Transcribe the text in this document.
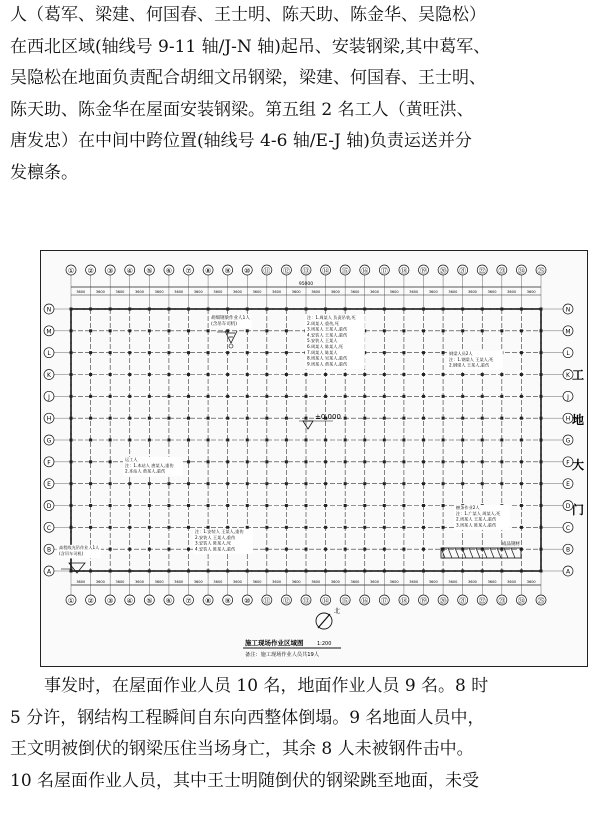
人（葛军、梁建、何国春、王士明、陈天助、陈金华、吴隐松）
在西北区域(轴线号 9-11 轴/J-N 轴)起吊、安装钢梁,其中葛军、
吴隐松在地面负责配合胡细文吊钢梁，梁建、何国春、王士明、
陈天助、陈金华在屋面安装钢梁。第五组 2 名工人（黄旺洪、
唐发忠）在中间中跨位置(轴线号 4-6 轴/E-J 轴)负责运送并分
发檩条。
95000
①
①
3600
3600
②
②
3600
3600
③
③
3600
3600
④
④
3600
3600
⑤
⑤
3600
3600
⑥
⑥
3600
3600
⑦
⑦
3600
3600
⑧
⑧
3600
3600
⑨
⑨
3600
3600
⑩
⑩
3600
3600
⑪
⑪
3600
3600
⑫
⑫
3600
3600
⑬
⑬
3600
3600
⑭
⑭
3600
3600
⑮
⑮
3600
3600
⑯
⑯
3600
3600
⑰
⑰
3600
3600
⑱
⑱
3600
3600
⑲
⑲
3600
3600
⑳
⑳
3600
3600
㉑
㉑
3600
3600
㉒
㉒
3600
3600
㉓
㉓
3600
3600
㉔
㉔
3600
3600
㉕
㉕
N	N
M	M
L	L
K	K
J	J
H	H
G	G
F	F
E	E
D	D
C	C
B	B
A	A
工
地
大
门
±0.000
胡细钢梁作业人1人
(含吊车司机)
注：1.周某人 负责吊装,死
2.周某人 重伤,死
3.周某人 王某人,重伤
4.安装人 王某人,重伤
5.安装人 王某人
6.周某人 陈某人,死
7.周某人 陈某人
8.周某人 吴某人,重伤
9.周某人 黄某人,重伤
钢梁人员2人
注：1.钢梁人 王某人,死
2.钢梁人 王某人,重伤
运工人
注：1.本站人 唐某人,重伤
2.本站人 黄某人,重伤
注：1.安装人 王某人,重伤
2.安装人 王某人,重伤
3.安装人 陈某人,死
4.安装人 陈某人,重伤
高程线光吊作业人1人
(含吊车司机)
檩条作业2人
注：1.广某人 周某人,死
2.周某人 王某人,重伤
3.周某人 陈某人,重伤
成品钢材
北
施工现场作业区域图	1:200
备注：施工现场作业人员共19人
事发时，在屋面作业人员 10 名，地面作业人员 9 名。8 时
5 分许，钢结构工程瞬间自东向西整体倒塌。9 名地面人员中，
王文明被倒伏的钢梁压住当场身亡，其余 8 人未被钢件击中。
10 名屋面作业人员，其中王士明随倒伏的钢梁跳至地面，未受
